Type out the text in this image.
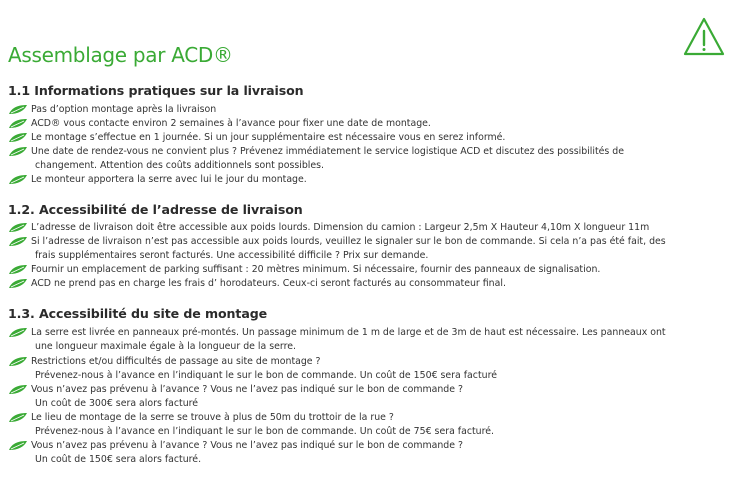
Assemblage par ACD®
1.1 Informations pratiques sur la livraison
Pas d’option montage après la livraison
ACD® vous contacte environ 2 semaines à l’avance pour fixer une date de montage.
Le montage s’effectue en 1 journée. Si un jour supplémentaire est nécessaire vous en serez informé.
Une date de rendez-vous ne convient plus ? Prévenez immédiatement le service logistique ACD et discutez des possibilités de
changement. Attention des coûts additionnels sont possibles.
Le monteur apportera la serre avec lui le jour du montage.
1.2. Accessibilité de l’adresse de livraison
L’adresse de livraison doit être accessible aux poids lourds. Dimension du camion : Largeur 2,5m X Hauteur 4,10m X longueur 11m
Si l’adresse de livraison n’est pas accessible aux poids lourds, veuillez le signaler sur le bon de commande. Si cela n’a pas été fait, des
frais supplémentaires seront facturés. Une accessibilité difficile ? Prix sur demande.
Fournir un emplacement de parking suffisant : 20 mètres minimum. Si nécessaire, fournir des panneaux de signalisation.
ACD ne prend pas en charge les frais d’ horodateurs. Ceux-ci seront facturés au consommateur final.
1.3. Accessibilité du site de montage
La serre est livrée en panneaux pré-montés. Un passage minimum de 1 m de large et de 3m de haut est nécessaire. Les panneaux ont
une longueur maximale égale à la longueur de la serre.
Restrictions et/ou difficultés de passage au site de montage ?
Prévenez-nous à l’avance en l’indiquant le sur le bon de commande. Un coût de 150€ sera facturé
Vous n’avez pas prévenu à l’avance ? Vous ne l’avez pas indiqué sur le bon de commande ?
Un coût de 300€ sera alors facturé
Le lieu de montage de la serre se trouve à plus de 50m du trottoir de la rue ?
Prévenez-nous à l’avance en l’indiquant le sur le bon de commande. Un coût de 75€ sera facturé.
Vous n’avez pas prévenu à l’avance ? Vous ne l’avez pas indiqué sur le bon de commande ?
Un coût de 150€ sera alors facturé.
